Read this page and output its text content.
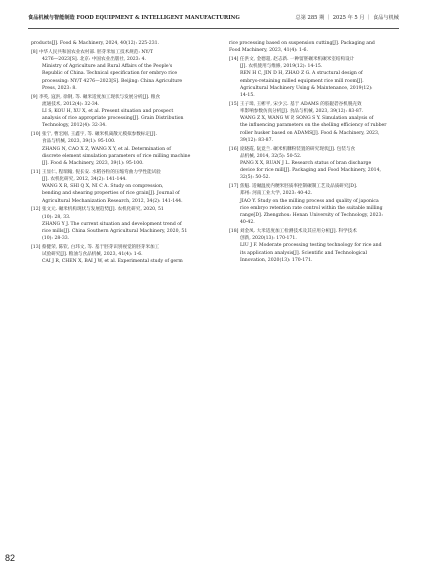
食品机械与智能制造 FOOD EQUIPMENT & INTELLIGENT MANUFACTURING	总第 285 期 ｜ 2025 年 5 月 ｜ 食品与机械

products[J]. Food & Machinery, 2024, 40(12): 225-231.

[8] 中华人民共和国农业农村部. 胚芽米加工技术规范: NY/T

4276—2023[S]. 北京: 中国农业出版社, 2023: 4.

Ministry of Agriculture and Rural Affairs of the People's

Republic of China. Technical specification for embryo rice

processing: NY/T 4276—2023[S]. Beijing: China Agriculture

Press, 2023: 8.

[9] 李英, 寇洪, 徐钢, 等. 碾米适度加工现状与发展分析[J]. 粮食

流通技术, 2012(4): 32-34.

LI S, KOU H, XU X, et al. Present situation and prospect

analysis of rice appropriate processing[J]. Grain Distribution

Technology, 2012(4): 32-34.

[10] 张宁, 曹宏刚, 王鑫宇, 等. 碾米机离散元模拟参数标定[J].

食品与机械, 2023, 39(1): 95-100.

ZHANG N, CAO X Z, WANG X Y, et al. Determination of

discrete element simulation parameters of rice milling machine

[J]. Food & Machinery, 2023, 39(1): 95-100.

[11] 王显仁, 程瑞翰, 倪长安. 水稻谷粒的压缩弯曲力学性能试验

[J]. 农机化研究, 2012, 34(2): 141-144.

WANG X R, SHI Q X, NI C A. Study on compression,

bending and shearing properties of rice grain[J]. Journal of

Agricultural Mechanization Research, 2012, 34(2): 141-144.

[12] 张文元. 碾米机构现状与发展趋势[J]. 农机化研究, 2020, 51

(10): 28, 33.

ZHANG Y J. The current situation and development trend of

rice mills[J]. China Southern Agricultural Machinery, 2020, 51

(10): 28-33.

[13] 蔡健荣, 陈钦, 白玮文, 等. 基于胚芽识别视觉的胚芽米加工

试验研究[J]. 粮油与食品机械, 2023, 41(4): 1-6.

CAI J R, CHEN X, BAI J W, et al. Experimental study of germ

rice processing based on suspension cutting[J]. Packaging and

Food Machinery, 2023, 41(4): 1-6.

[14] 任洪文, 金德超, 赵志新. 一种留胚碾米机碾米室结构设计

[J]. 农机使用与维修, 2019(12): 14-15.

REN H C, JIN D H, ZHAO Z G. A structural design of

embryo-retaining milled equipment rice mill room[J].

Agricultural Machinery Using & Maintenance, 2019(12):

14-15.

[15] 王子璋, 王彬平, 宋少云. 基于 ADAMS 的胶辊砻谷机脱壳效

率影响参数仿真分析[J]. 食品与机械, 2023, 39(12): 83-87.

WANG Z X, WANG W P, SONG S Y. Simulation analysis of

the influencing parameters on the shelling efficiency of rubber

roller husker based on ADAMS[J]. Food & Machinery, 2023,

39(12): 83-87.

[16] 庞晓霞, 阮竟兰. 碾米机糠粉装置的研究现状[J]. 包装与食

品机械, 2014, 32(5): 50-52.

PANG X X, RUAN J L. Research status of bran discharge

device for rice mill[J]. Packaging and Food Machinery, 2014,

32(5): 50-52.

[17] 焦魁. 适碾温度内粳米胚质率控制碾制工艺及品质研究[D].

郑州: 河南工业大学, 2023: 40-42.

JIAO Y. Study on the milling process and quality of japonica

rice embryo retention rate control within the suitable milling

range[D]. Zhengzhou: Henan University of Technology, 2023:

40-42.

[18] 刘金凤. 大米适度加工检测技术及其应用分析[J]. 科学技术

创新, 2020(13): 170-171.

LIU J F. Moderate processing testing technology for rice and

its application analysis[J]. Scientific and Technological

Innovation, 2020(13): 170-171.

82
